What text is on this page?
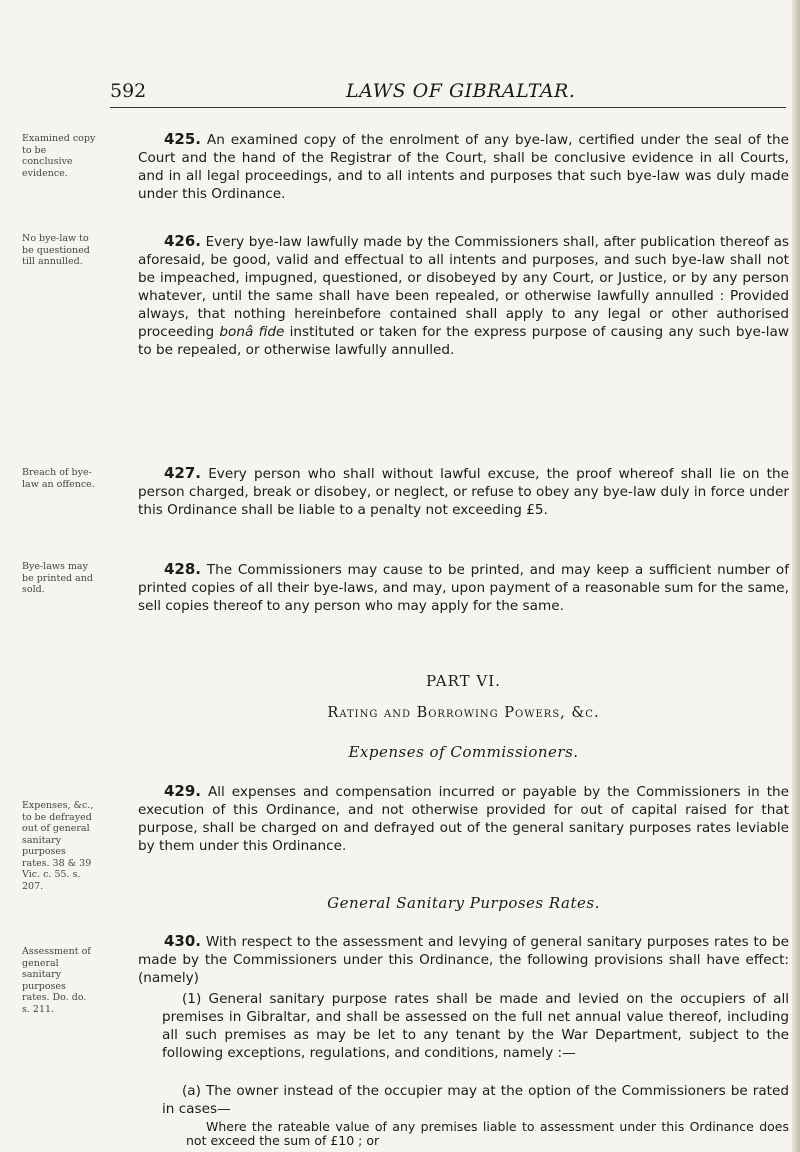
592	LAWS OF GIBRALTAR.
Examined copy to be conclusive evidence.
No bye-law to be questioned till annulled.
Breach of bye-law an offence.
Bye-laws may be printed and sold.
Expenses, &c., to be defrayed out of general sanitary purposes rates. 38 & 39 Vic. c. 55. s. 207.
Assessment of general sanitary purposes rates. Do. do. s. 211.
425. An examined copy of the enrolment of any bye-law, certified under the seal of the Court and the hand of the Registrar of the Court, shall be conclusive evidence in all Courts, and in all legal proceedings, and to all intents and purposes that such bye-law was duly made under this Ordinance.
426. Every bye-law lawfully made by the Commissioners shall, after publication thereof as aforesaid, be good, valid and effectual to all intents and purposes, and such bye-law shall not be impeached, impugned, questioned, or disobeyed by any Court, or Justice, or by any person whatever, until the same shall have been repealed, or otherwise lawfully annulled : Provided always, that nothing hereinbefore contained shall apply to any legal or other authorised proceeding bonâ fide instituted or taken for the express purpose of causing any such bye-law to be repealed, or otherwise lawfully annulled.
427. Every person who shall without lawful excuse, the proof whereof shall lie on the person charged, break or disobey, or neglect, or refuse to obey any bye-law duly in force under this Ordinance shall be liable to a penalty not exceeding £5.
428. The Commissioners may cause to be printed, and may keep a sufficient number of printed copies of all their bye-laws, and may, upon payment of a reasonable sum for the same, sell copies thereof to any person who may apply for the same.
PART VI.
Rating and Borrowing Powers, &c.
Expenses of Commissioners.
429. All expenses and compensation incurred or payable by the Commissioners in the execution of this Ordinance, and not otherwise provided for out of capital raised for that purpose, shall be charged on and defrayed out of the general sanitary purposes rates leviable by them under this Ordinance.
General Sanitary Purposes Rates.
430. With respect to the assessment and levying of general sanitary purposes rates to be made by the Commissioners under this Ordinance, the following provisions shall have effect: (namely)
(1) General sanitary purpose rates shall be made and levied on the occupiers of all premises in Gibraltar, and shall be assessed on the full net annual value thereof, including all such premises as may be let to any tenant by the War Department, subject to the following exceptions, regulations, and conditions, namely :—
(a) The owner instead of the occupier may at the option of the Commissioners be rated in cases—
Where the rateable value of any premises liable to assessment under this Ordinance does not exceed the sum of £10 ; or
